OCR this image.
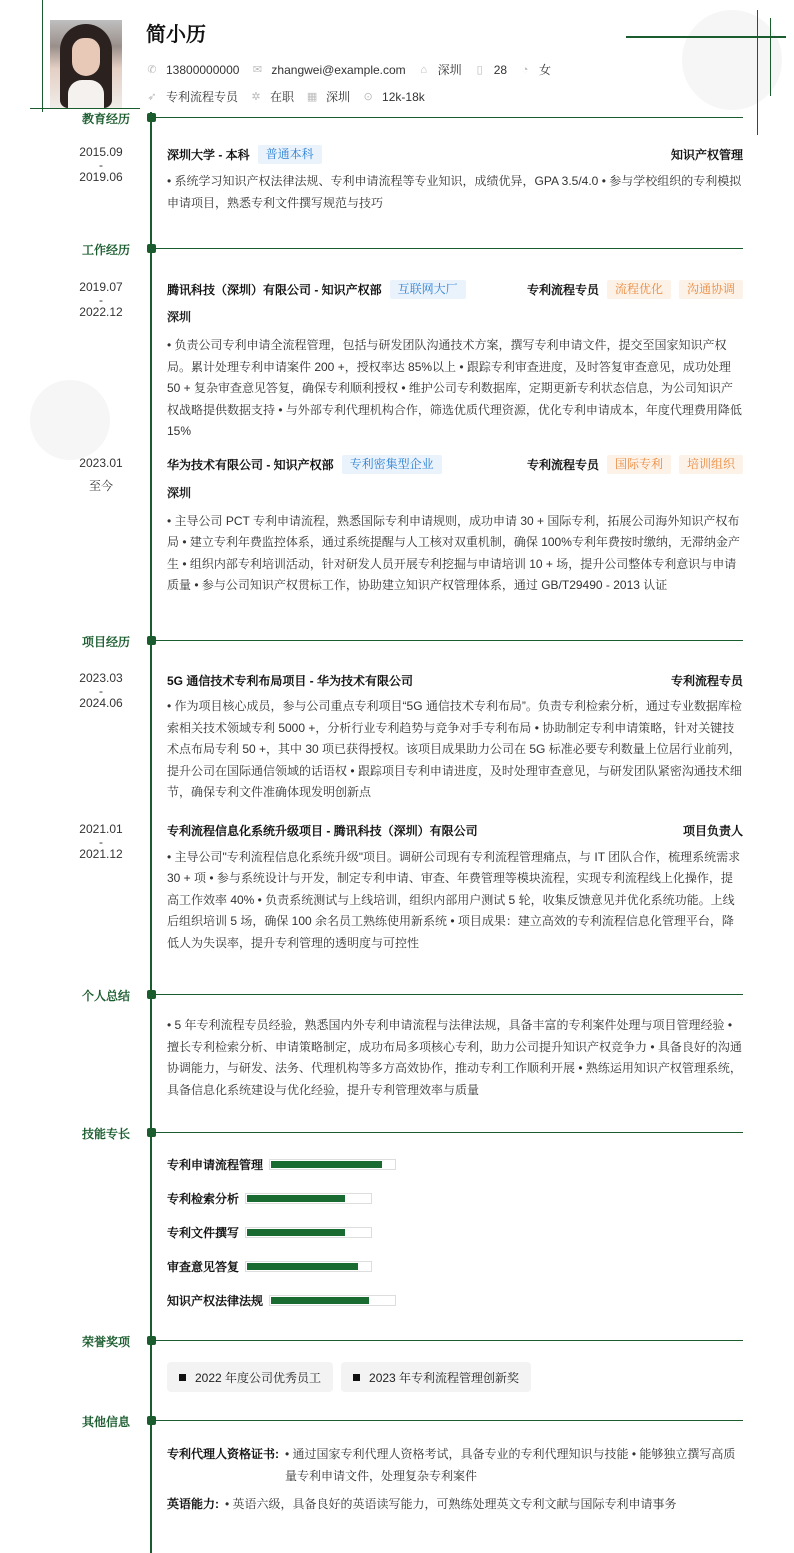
简小历
✆ 13800000000 ✉ zhangwei@example.com ⌂ 深圳 ▯ 28 ◔ 女
➶ 专利流程专员 ✲ 在职 ▦ 深圳 ⊙ 12k-18k
教育经历
2015.09
-
2019.06
深圳大学 - 本科	普通本科	知识产权管理
• 系统学习知识产权法律法规、专利申请流程等专业知识，成绩优异，GPA 3.5/4.0 • 参与学校组织的专利模拟申请项目，熟悉专利文件撰写规范与技巧
工作经历
2019.07
-
2022.12
腾讯科技（深圳）有限公司 - 知识产权部	互联网大厂	专利流程专员	流程优化	沟通协调
深圳
• 负责公司专利申请全流程管理，包括与研发团队沟通技术方案，撰写专利申请文件，提交至国家知识产权局。累计处理专利申请案件 200 +，授权率达 85%以上 • 跟踪专利审查进度，及时答复审查意见，成功处理 50 + 复杂审查意见答复，确保专利顺利授权 • 维护公司专利数据库，定期更新专利状态信息，为公司知识产权战略提供数据支持 • 与外部专利代理机构合作，筛选优质代理资源，优化专利申请成本，年度代理费用降低 15%
2023.01
至今
华为技术有限公司 - 知识产权部	专利密集型企业	专利流程专员	国际专利	培训组织
深圳
• 主导公司 PCT 专利申请流程，熟悉国际专利申请规则，成功申请 30 + 国际专利，拓展公司海外知识产权布局 • 建立专利年费监控体系，通过系统提醒与人工核对双重机制，确保 100%专利年费按时缴纳，无滞纳金产生 • 组织内部专利培训活动，针对研发人员开展专利挖掘与申请培训 10 + 场，提升公司整体专利意识与申请质量 • 参与公司知识产权贯标工作，协助建立知识产权管理体系，通过 GB/T29490 - 2013 认证
项目经历
2023.03
-
2024.06
5G 通信技术专利布局项目 - 华为技术有限公司	专利流程专员
• 作为项目核心成员，参与公司重点专利项目“5G 通信技术专利布局”。负责专利检索分析，通过专业数据库检索相关技术领域专利 5000 +，分析行业专利趋势与竞争对手专利布局 • 协助制定专利申请策略，针对关键技术点布局专利 50 +，其中 30 项已获得授权。该项目成果助力公司在 5G 标准必要专利数量上位居行业前列，提升公司在国际通信领域的话语权 • 跟踪项目专利申请进度，及时处理审查意见，与研发团队紧密沟通技术细节，确保专利文件准确体现发明创新点
2021.01
-
2021.12
专利流程信息化系统升级项目 - 腾讯科技（深圳）有限公司	项目负责人
• 主导公司"专利流程信息化系统升级"项目。调研公司现有专利流程管理痛点，与 IT 团队合作，梳理系统需求 30 + 项 • 参与系统设计与开发，制定专利申请、审查、年费管理等模块流程，实现专利流程线上化操作，提高工作效率 40% • 负责系统测试与上线培训，组织内部用户测试 5 轮，收集反馈意见并优化系统功能。上线后组织培训 5 场，确保 100 余名员工熟练使用新系统 • 项目成果：建立高效的专利流程信息化管理平台，降低人为失误率，提升专利管理的透明度与可控性
个人总结
• 5 年专利流程专员经验，熟悉国内外专利申请流程与法律法规，具备丰富的专利案件处理与项目管理经验 • 擅长专利检索分析、申请策略制定，成功布局多项核心专利，助力公司提升知识产权竞争力 • 具备良好的沟通协调能力，与研发、法务、代理机构等多方高效协作，推动专利工作顺利开展 • 熟练运用知识产权管理系统，具备信息化系统建设与优化经验，提升专利管理效率与质量
技能专长
专利申请流程管理
专利检索分析
专利文件撰写
审查意见答复
知识产权法律法规
荣誉奖项
2022 年度公司优秀员工	2023 年专利流程管理创新奖
其他信息
专利代理人资格证书: • 通过国家专利代理人资格考试，具备专业的专利代理知识与技能 • 能够独立撰写高质量专利申请文件，处理复杂专利案件
英语能力: • 英语六级，具备良好的英语读写能力，可熟练处理英文专利文献与国际专利申请事务
